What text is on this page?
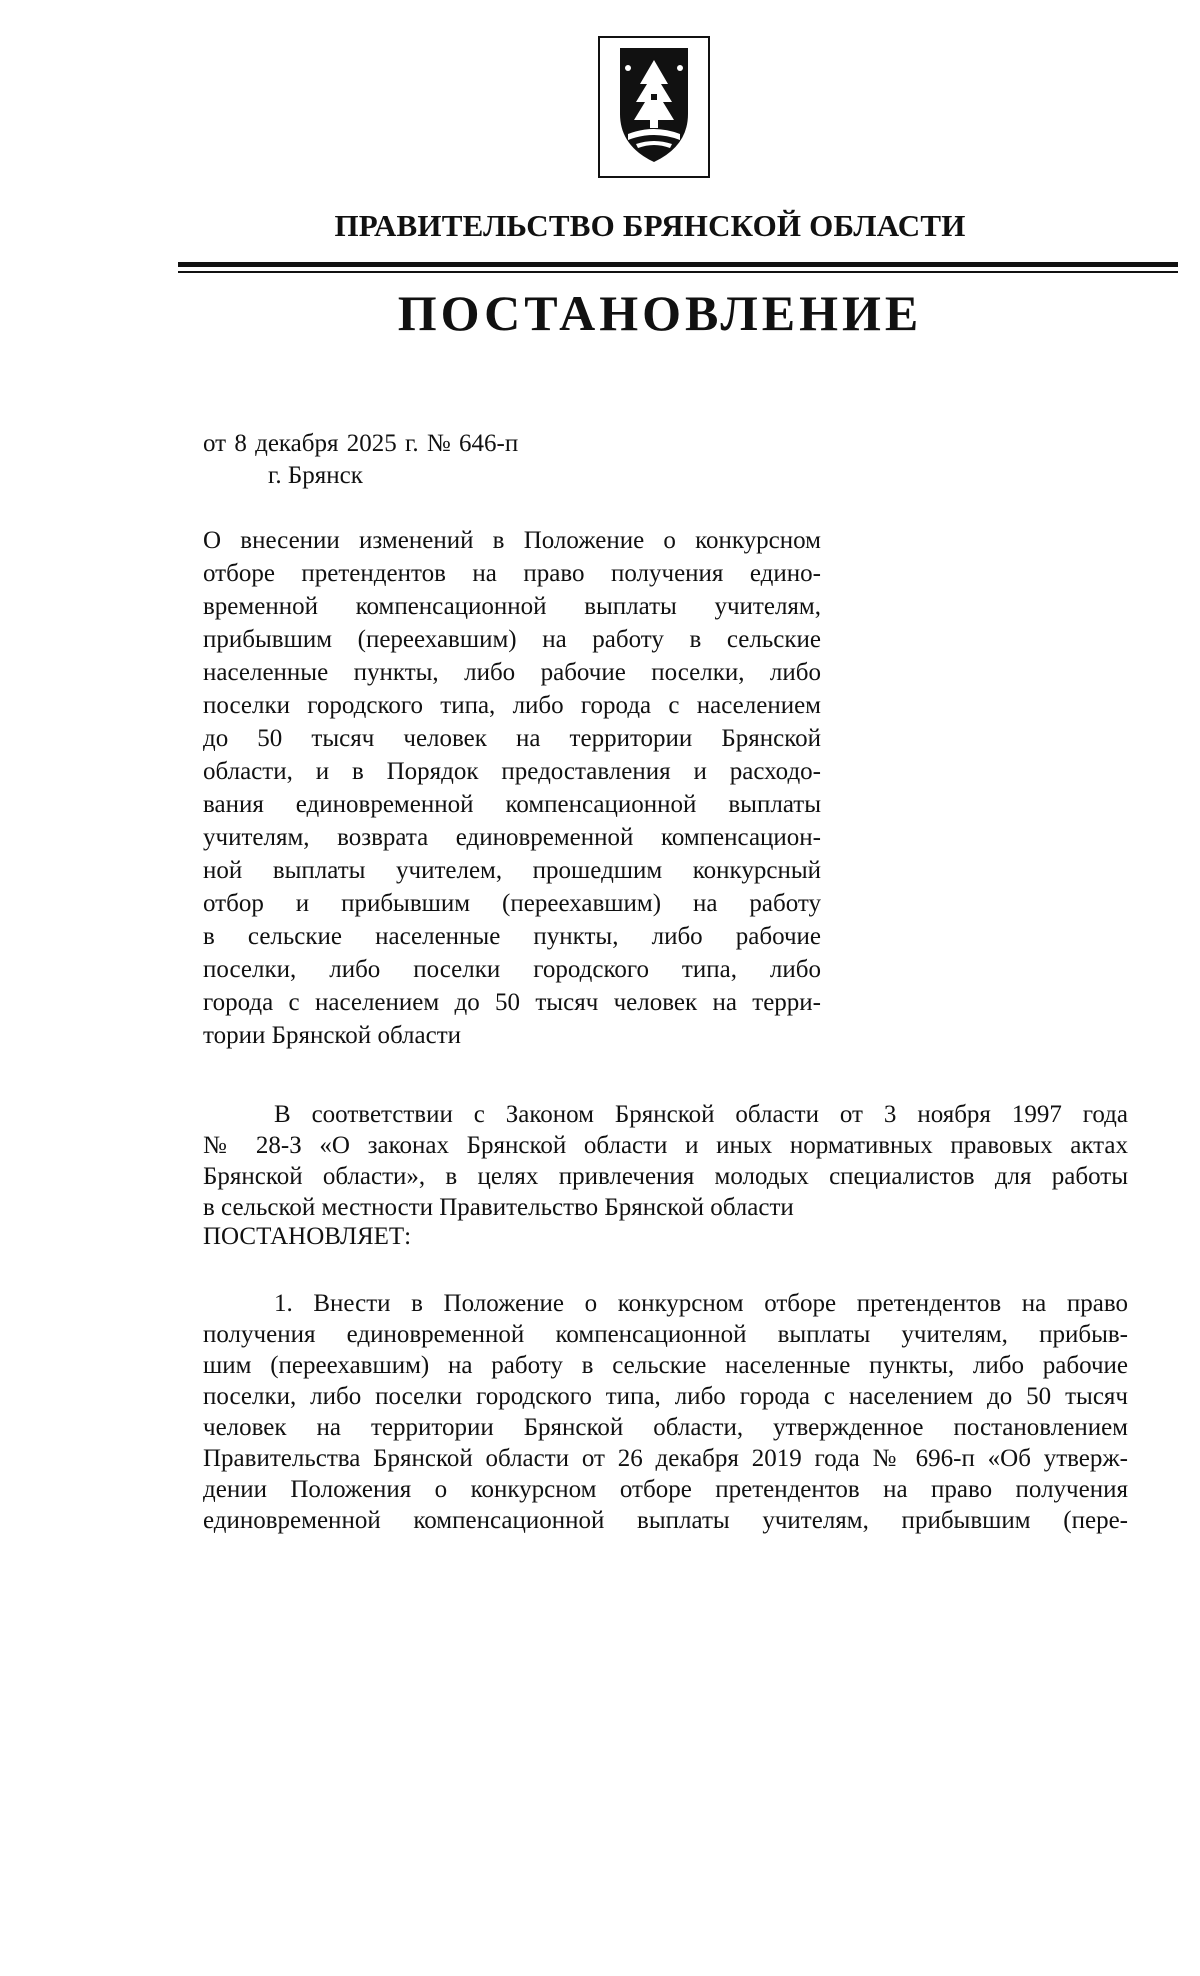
ПРАВИТЕЛЬСТВО БРЯНСКОЙ ОБЛАСТИ
ПОСТАНОВЛЕНИЕ
от 8 декабря 2025 г. № 646-п
г. Брянск
О внесении изменений в Положение о конкурсном
отборе претендентов на право получения едино-
временной компенсационной выплаты учителям,
прибывшим (переехавшим) на работу в сельские
населенные пункты, либо рабочие поселки, либо
поселки городского типа, либо города с населением
до 50 тысяч человек на территории Брянской
области, и в Порядок предоставления и расходо-
вания единовременной компенсационной выплаты
учителям, возврата единовременной компенсацион-
ной выплаты учителем, прошедшим конкурсный
отбор и прибывшим (переехавшим) на работу
в сельские населенные пункты, либо рабочие
поселки, либо поселки городского типа, либо
города с населением до 50 тысяч человек на терри-
тории Брянской области
В соответствии с Законом Брянской области от 3 ноября 1997 года
№ 28-З «О законах Брянской области и иных нормативных правовых актах
Брянской области», в целях привлечения молодых специалистов для работы
в сельской местности Правительство Брянской области
ПОСТАНОВЛЯЕТ:
1. Внести в Положение о конкурсном отборе претендентов на право
получения единовременной компенсационной выплаты учителям, прибыв-
шим (переехавшим) на работу в сельские населенные пункты, либо рабочие
поселки, либо поселки городского типа, либо города с населением до 50 тысяч
человек на территории Брянской области, утвержденное постановлением
Правительства Брянской области от 26 декабря 2019 года № 696-п «Об утверж-
дении Положения о конкурсном отборе претендентов на право получения
единовременной компенсационной выплаты учителям, прибывшим (пере-
